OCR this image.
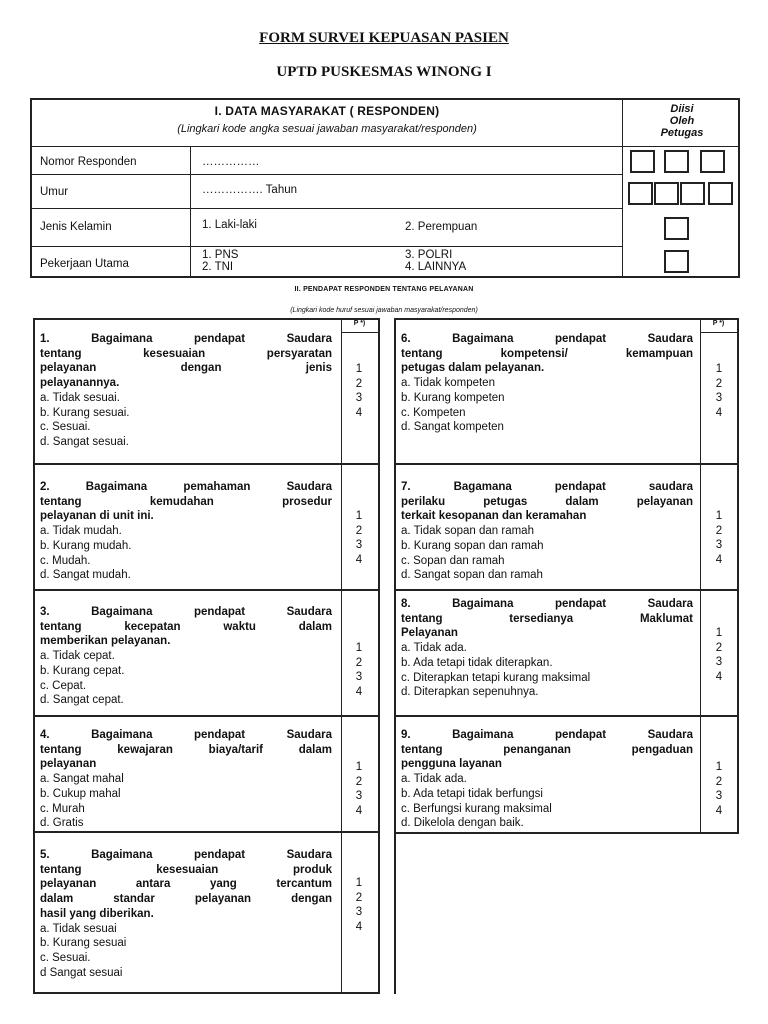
FORM SURVEI KEPUASAN PASIEN
UPTD PUSKESMAS WINONG I
I. DATA MASYARAKAT ( RESPONDEN)
(Lingkari kode angka sesuai jawaban masyarakat/responden)
Diisi
Oleh
Petugas
Nomor Responden	……………
Umur	……………. Tahun
Jenis Kelamin	1. Laki-laki	2. Perempuan
Pekerjaan Utama
1. PNS
2. TNI
3. POLRI
4. LAINNYA
II. PENDAPAT RESPONDEN TENTANG PELAYANAN
(Lingkari kode huruf sesuai jawaban masyarakat/responden)
P *)	P *)
1. Bagaimana pendapat Saudara
tentang kesesuaian persyaratan
pelayanan dengan jenis
pelayanannya.
a. Tidak sesuai.
b. Kurang sesuai.
c. Sesuai.
d. Sangat sesuai.
1
2
3
4
2. Bagaimana pemahaman Saudara
tentang kemudahan prosedur
pelayanan di unit ini.
a. Tidak mudah.
b. Kurang mudah.
c. Mudah.
d. Sangat mudah.
1
2
3
4
3. Bagaimana pendapat Saudara
tentang kecepatan waktu dalam
memberikan pelayanan.
a. Tidak cepat.
b. Kurang cepat.
c. Cepat.
d. Sangat cepat.
1
2
3
4
4. Bagaimana pendapat Saudara
tentang kewajaran biaya/tarif dalam
pelayanan
a. Sangat mahal
b. Cukup mahal
c. Murah
d. Gratis
1
2
3
4
5. Bagaimana pendapat Saudara
tentang kesesuaian produk
pelayanan antara yang tercantum
dalam standar pelayanan dengan
hasil yang diberikan.
a. Tidak sesuai
b. Kurang sesuai
c. Sesuai.
d Sangat sesuai
1
2
3
4
6. Bagaimana pendapat Saudara
tentang kompetensi/ kemampuan
petugas dalam pelayanan.
a. Tidak kompeten
b. Kurang kompeten
c. Kompeten
d. Sangat kompeten
1
2
3
4
7. Bagamana pendapat saudara
perilaku petugas dalam pelayanan
terkait kesopanan dan keramahan
a. Tidak sopan dan ramah
b. Kurang sopan dan ramah
c. Sopan dan ramah
d. Sangat sopan dan ramah
1
2
3
4
8. Bagaimana pendapat Saudara
tentang tersedianya Maklumat
Pelayanan
a. Tidak ada.
b. Ada tetapi tidak diterapkan.
c. Diterapkan tetapi kurang maksimal
d. Diterapkan sepenuhnya.
1
2
3
4
9. Bagaimana pendapat Saudara
tentang penanganan pengaduan
pengguna layanan
a. Tidak ada.
b. Ada tetapi tidak berfungsi
c. Berfungsi kurang maksimal
d. Dikelola dengan baik.
1
2
3
4
